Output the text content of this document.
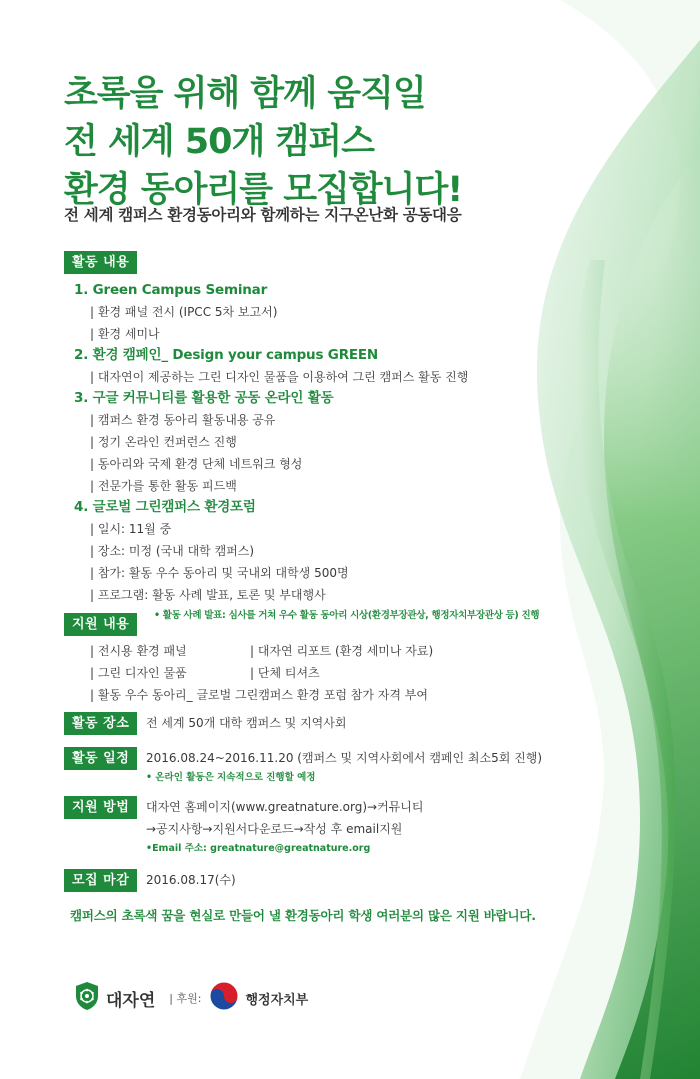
초록을 위해 함께 움직일
전 세계 50개 캠퍼스
환경 동아리를 모집합니다!
전 세계 캠퍼스 환경동아리와 함께하는 지구온난화 공동대응
활동 내용
1. Green Campus Seminar
| 환경 패널 전시 (IPCC 5차 보고서)
| 환경 세미나
2. 환경 캠페인_ Design your campus GREEN
| 대자연이 제공하는 그린 디자인 물품을 이용하여 그린 캠퍼스 활동 진행
3. 구글 커뮤니티를 활용한 공동 온라인 활동
| 캠퍼스 환경 동아리 활동내용 공유
| 정기 온라인 컨퍼런스 진행
| 동아리와 국제 환경 단체 네트워크 형성
| 전문가를 통한 활동 피드백
4. 글로벌 그린캠퍼스 환경포럼
| 일시: 11월 중
| 장소: 미정 (국내 대학 캠퍼스)
| 참가: 활동 우수 동아리 및 국내외 대학생 500명
| 프로그램: 활동 사례 발표, 토론 및 부대행사
• 활동 사례 발표: 심사를 거쳐 우수 활동 동아리 시상(환경부장관상, 행정자치부장관상 등) 진행
지원 내용
| 전시용 환경 패널	| 대자연 리포트 (환경 세미나 자료)
| 그린 디자인 물품	| 단체 티셔츠
| 활동 우수 동아리_ 글로벌 그린캠퍼스 환경 포럼 참가 자격 부여
활동 장소	전 세계 50개 대학 캠퍼스 및 지역사회
활동 일정	2016.08.24~2016.11.20 (캠퍼스 및 지역사회에서 캠페인 최소5회 진행)
• 온라인 활동은 지속적으로 진행할 예정
지원 방법	대자연 홈페이지(www.greatnature.org)→커뮤니티
→공지사항→지원서다운로드→작성 후 email지원
•Email 주소: greatnature@greatnature.org
모집 마감	2016.08.17(수)
캠퍼스의 초록색 꿈을 현실로 만들어 낼 환경동아리 학생 여러분의 많은 지원 바랍니다.
대자연 | 후원:	행정자치부
